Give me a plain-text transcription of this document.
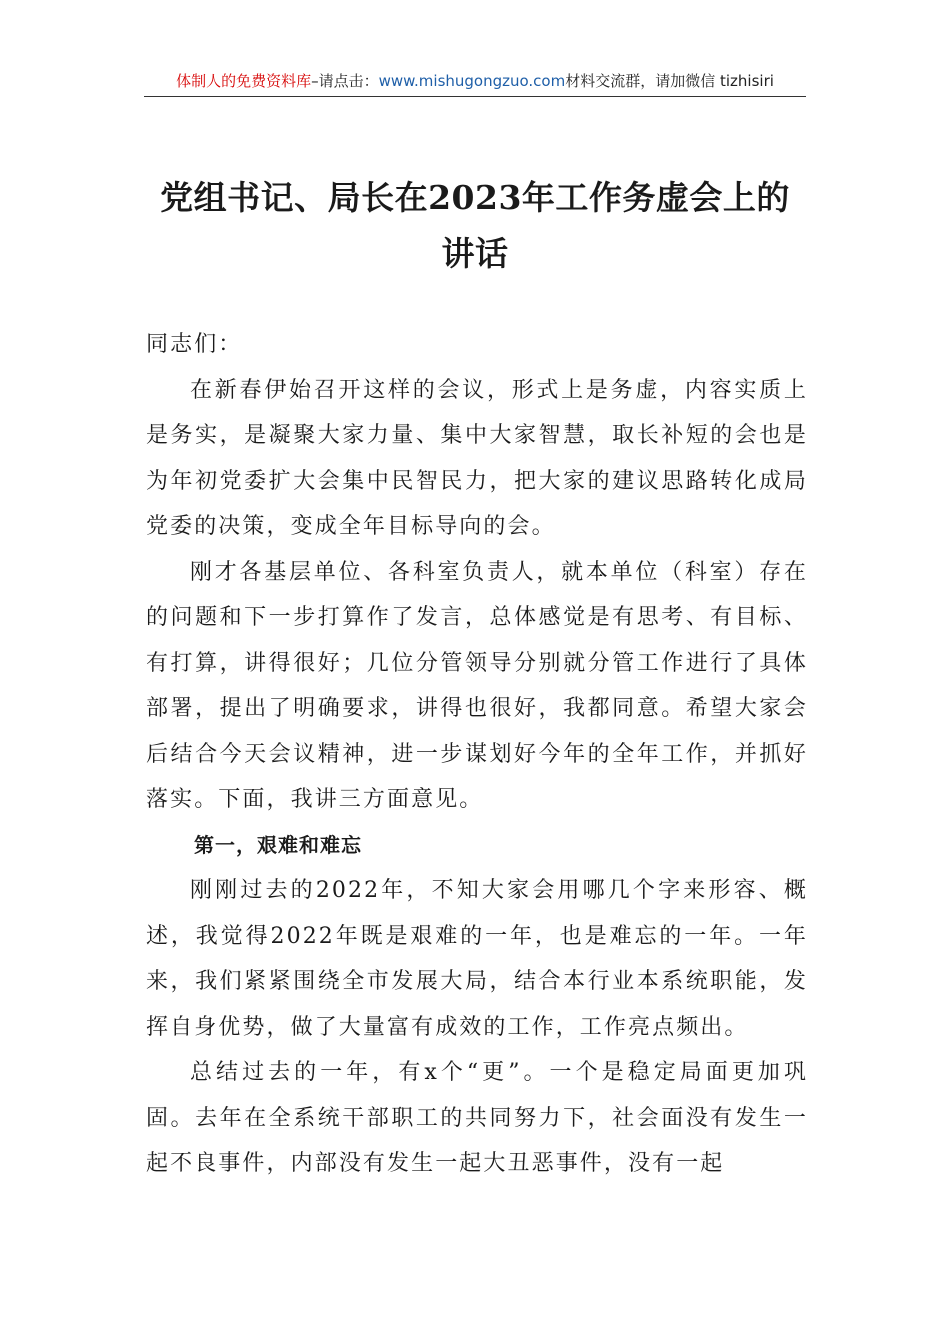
体制人的免费资料库–请点击：www.mishugongzuo.com材料交流群，请加微信 tizhisiri
党组书记、局长在2023年工作务虚会上的
讲话

同志们：

在新春伊始召开这样的会议，形式上是务虚，内容实质上是务实，是凝聚大家力量、集中大家智慧，取长补短的会也是为年初党委扩大会集中民智民力，把大家的建议思路转化成局党委的决策，变成全年目标导向的会。

刚才各基层单位、各科室负责人，就本单位（科室）存在的问题和下一步打算作了发言，总体感觉是有思考、有目标、有打算，讲得很好；几位分管领导分别就分管工作进行了具体部署，提出了明确要求，讲得也很好，我都同意。希望大家会后结合今天会议精神，进一步谋划好今年的全年工作，并抓好落实。下面，我讲三方面意见。

第一，艰难和难忘

刚刚过去的2022年，不知大家会用哪几个字来形容、概述，我觉得2022年既是艰难的一年，也是难忘的一年。一年来，我们紧紧围绕全市发展大局，结合本行业本系统职能，发挥自身优势，做了大量富有成效的工作，工作亮点频出。

总结过去的一年，有x个“更”。一个是稳定局面更加巩固。去年在全系统干部职工的共同努力下，社会面没有发生一起不良事件，内部没有发生一起大丑恶事件，没有一起
